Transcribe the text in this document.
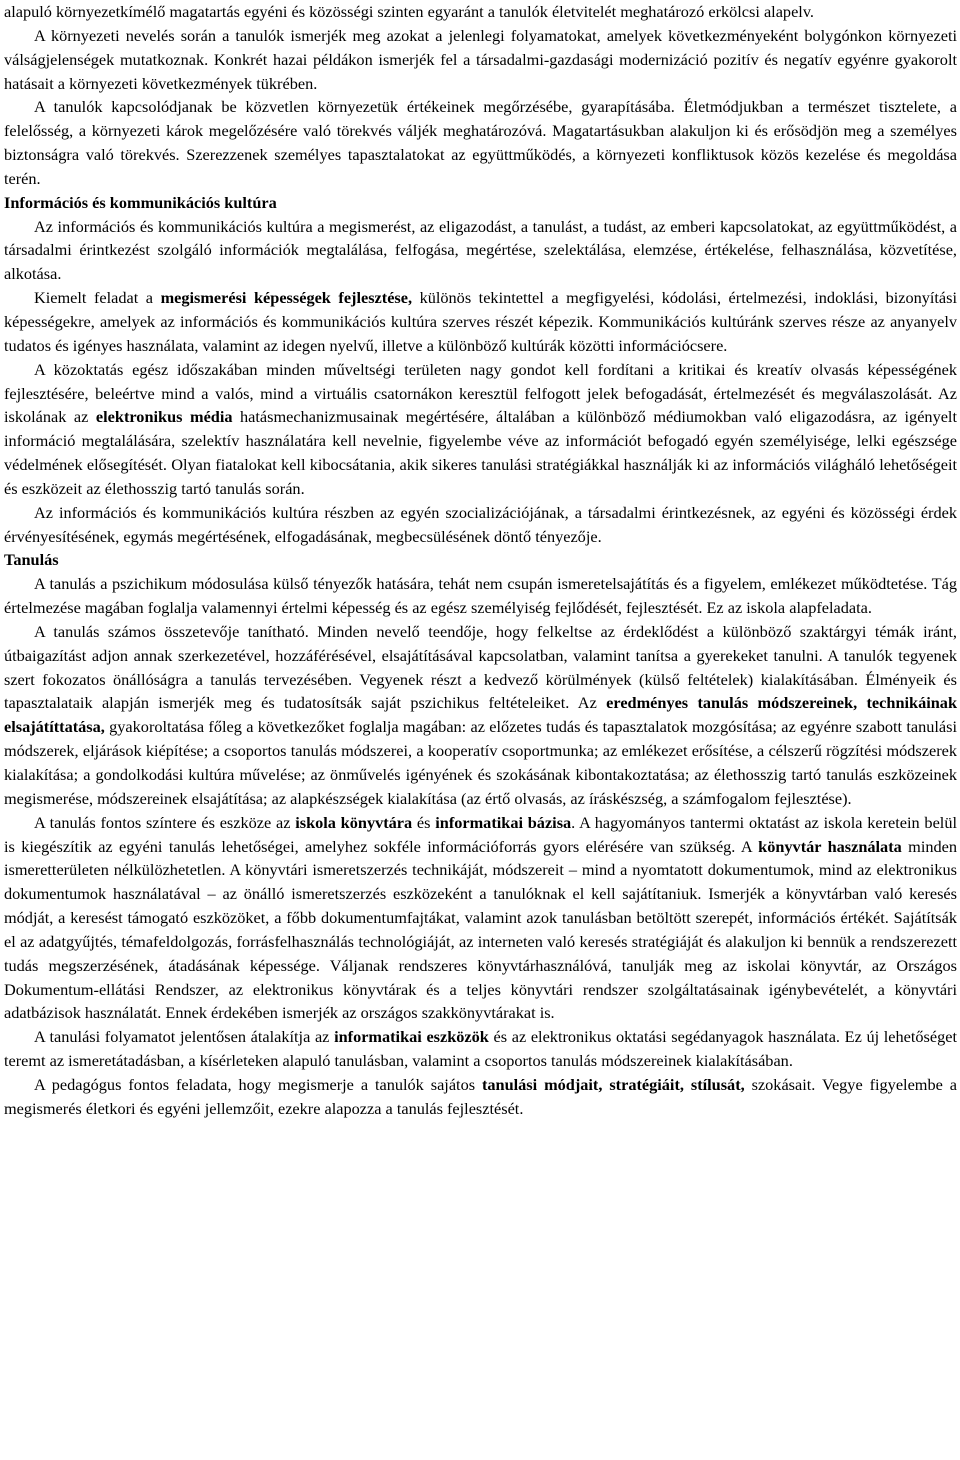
alapuló környezetkímélő magatartás egyéni és közösségi szinten egyaránt a tanulók életvitelét meghatározó erkölcsi alapelv.

A környezeti nevelés során a tanulók ismerjék meg azokat a jelenlegi folyamatokat, amelyek következményeként bolygónkon környezeti válságjelenségek mutatkoznak. Konkrét hazai példákon ismerjék fel a társadalmi-gazdasági modernizáció pozitív és negatív egyénre gyakorolt hatásait a környezeti következmények tükrében.

A tanulók kapcsolódjanak be közvetlen környezetük értékeinek megőrzésébe, gyarapításába. Életmódjukban a természet tisztelete, a felelősség, a környezeti károk megelőzésére való törekvés váljék meghatározóvá. Magatartásukban alakuljon ki és erősödjön meg a személyes biztonságra való törekvés. Szerezzenek személyes tapasztalatokat az együttműködés, a környezeti konfliktusok közös kezelése és megoldása terén.

Információs és kommunikációs kultúra

Az információs és kommunikációs kultúra a megismerést, az eligazodást, a tanulást, a tudást, az emberi kapcsolatokat, az együttműködést, a társadalmi érintkezést szolgáló információk megtalálása, felfogása, megértése, szelektálása, elemzése, értékelése, felhasználása, közvetítése, alkotása.

Kiemelt feladat a megismerési képességek fejlesztése, különös tekintettel a megfigyelési, kódolási, értelmezési, indoklási, bizonyítási képességekre, amelyek az információs és kommunikációs kultúra szerves részét képezik. Kommunikációs kultúránk szerves része az anyanyelv tudatos és igényes használata, valamint az idegen nyelvű, illetve a különböző kultúrák közötti információcsere.

A közoktatás egész időszakában minden műveltségi területen nagy gondot kell fordítani a kritikai és kreatív olvasás képességének fejlesztésére, beleértve mind a valós, mind a virtuális csatornákon keresztül felfogott jelek befogadását, értelmezését és megválaszolását. Az iskolának az elektronikus média hatásmechanizmusainak megértésére, általában a különböző médiumokban való eligazodásra, az igényelt információ megtalálására, szelektív használatára kell nevelnie, figyelembe véve az információt befogadó egyén személyisége, lelki egészsége védelmének elősegítését. Olyan fiatalokat kell kibocsátania, akik sikeres tanulási stratégiákkal használják ki az információs világháló lehetőségeit és eszközeit az élethosszig tartó tanulás során.

Az információs és kommunikációs kultúra részben az egyén szocializációjának, a társadalmi érintkezésnek, az egyéni és közösségi érdek érvényesítésének, egymás megértésének, elfogadásának, megbecsülésének döntő tényezője.

Tanulás

A tanulás a pszichikum módosulása külső tényezők hatására, tehát nem csupán ismeretelsajátítás és a figyelem, emlékezet működtetése. Tág értelmezése magában foglalja valamennyi értelmi képesség és az egész személyiség fejlődését, fejlesztését. Ez az iskola alapfeladata.

A tanulás számos összetevője tanítható. Minden nevelő teendője, hogy felkeltse az érdeklődést a különböző szaktárgyi témák iránt, útbaigazítást adjon annak szerkezetével, hozzáférésével, elsajátításával kapcsolatban, valamint tanítsa a gyerekeket tanulni. A tanulók tegyenek szert fokozatos önállóságra a tanulás tervezésében. Vegyenek részt a kedvező körülmények (külső feltételek) kialakításában. Élményeik és tapasztalataik alapján ismerjék meg és tudatosítsák saját pszichikus feltételeiket. Az eredményes tanulás módszereinek, technikáinak elsajátíttatása, gyakoroltatása főleg a következőket foglalja magában: az előzetes tudás és tapasztalatok mozgósítása; az egyénre szabott tanulási módszerek, eljárások kiépítése; a csoportos tanulás módszerei, a kooperatív csoportmunka; az emlékezet erősítése, a célszerű rögzítési módszerek kialakítása; a gondolkodási kultúra művelése; az önművelés igényének és szokásának kibontakoztatása; az élethosszig tartó tanulás eszközeinek megismerése, módszereinek elsajátítása; az alapkészségek kialakítása (az értő olvasás, az íráskészség, a számfogalom fejlesztése).

A tanulás fontos színtere és eszköze az iskola könyvtára és informatikai bázisa. A hagyományos tantermi oktatást az iskola keretein belül is kiegészítik az egyéni tanulás lehetőségei, amelyhez sokféle információforrás gyors elérésére van szükség. A könyvtár használata minden ismeretterületen nélkülözhetetlen. A könyvtári ismeretszerzés technikáját, módszereit – mind a nyomtatott dokumentumok, mind az elektronikus dokumentumok használatával – az önálló ismeretszerzés eszközeként a tanulóknak el kell sajátítaniuk. Ismerjék a könyvtárban való keresés módját, a keresést támogató eszközöket, a főbb dokumentumfajtákat, valamint azok tanulásban betöltött szerepét, információs értékét. Sajátítsák el az adatgyűjtés, témafeldolgozás, forrásfelhasználás technológiáját, az interneten való keresés stratégiáját és alakuljon ki bennük a rendszerezett tudás megszerzésének, átadásának képessége. Váljanak rendszeres könyvtárhasználóvá, tanulják meg az iskolai könyvtár, az Országos Dokumentum-ellátási Rendszer, az elektronikus könyvtárak és a teljes könyvtári rendszer szolgáltatásainak igénybevételét, a könyvtári adatbázisok használatát. Ennek érdekében ismerjék az országos szakkönyvtárakat is.

A tanulási folyamatot jelentősen átalakítja az informatikai eszközök és az elektronikus oktatási segédanyagok használata. Ez új lehetőséget teremt az ismeretátadásban, a kísérleteken alapuló tanulásban, valamint a csoportos tanulás módszereinek kialakításában.

A pedagógus fontos feladata, hogy megismerje a tanulók sajátos tanulási módjait, stratégiáit, stílusát, szokásait. Vegye figyelembe a megismerés életkori és egyéni jellemzőit, ezekre alapozza a tanulás fejlesztését.
